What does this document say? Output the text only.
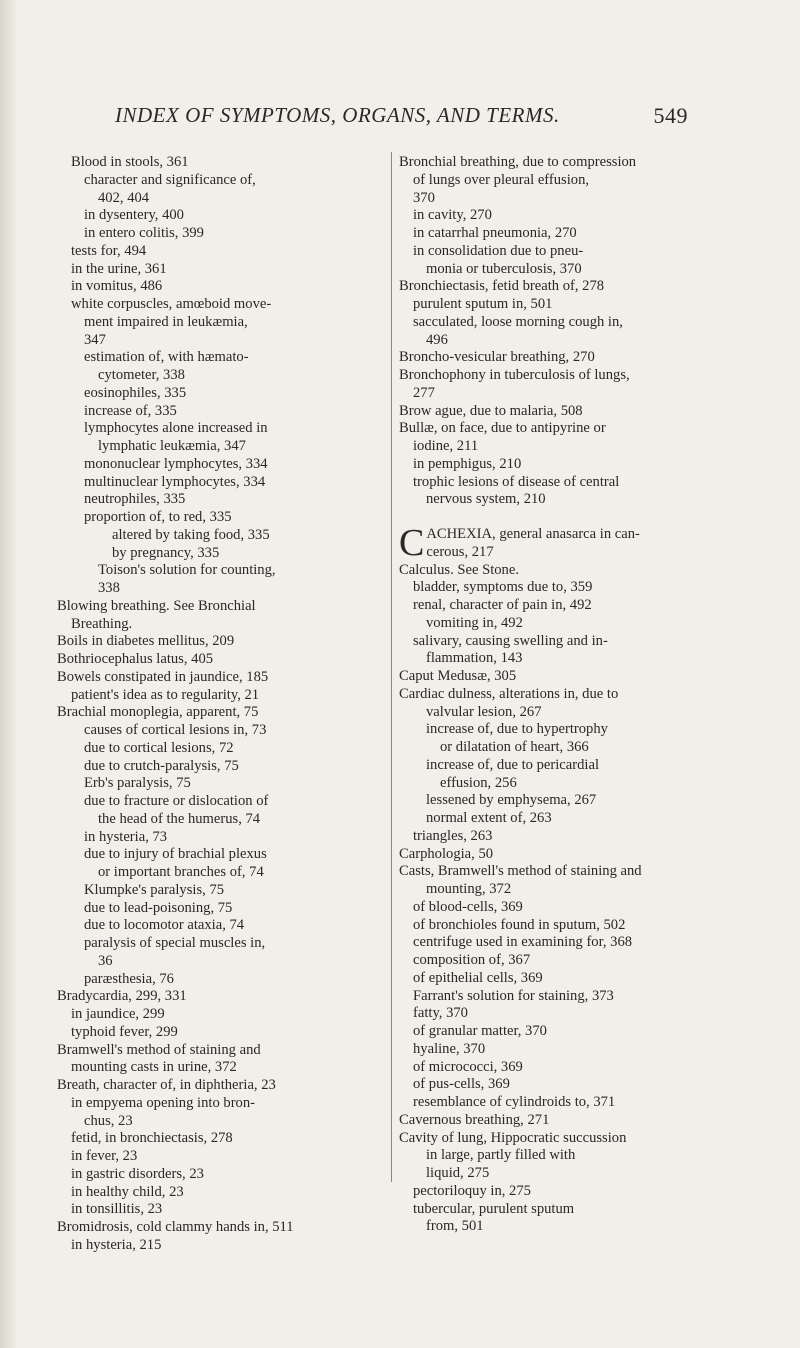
INDEX OF SYMPTOMS, ORGANS, AND TERMS.	549
Blood in stools, 361
character and significance of,
402, 404
in dysentery, 400
in entero colitis, 399
tests for, 494
in the urine, 361
in vomitus, 486
white corpuscles, amœboid move-
ment impaired in leukæmia,
347
estimation of, with hæmato-
cytometer, 338
eosinophiles, 335
increase of, 335
lymphocytes alone increased in
lymphatic leukæmia, 347
mononuclear lymphocytes, 334
multinuclear lymphocytes, 334
neutrophiles, 335
proportion of, to red, 335
altered by taking food, 335
by pregnancy, 335
Toison's solution for counting,
338
Blowing breathing. See Bronchial
Breathing.
Boils in diabetes mellitus, 209
Bothriocephalus latus, 405
Bowels constipated in jaundice, 185
patient's idea as to regularity, 21
Brachial monoplegia, apparent, 75
causes of cortical lesions in, 73
due to cortical lesions, 72
due to crutch-paralysis, 75
Erb's paralysis, 75
due to fracture or dislocation of
the head of the humerus, 74
in hysteria, 73
due to injury of brachial plexus
or important branches of, 74
Klumpke's paralysis, 75
due to lead-poisoning, 75
due to locomotor ataxia, 74
paralysis of special muscles in,
36
paræsthesia, 76
Bradycardia, 299, 331
in jaundice, 299
typhoid fever, 299
Bramwell's method of staining and
mounting casts in urine, 372
Breath, character of, in diphtheria, 23
in empyema opening into bron-
chus, 23
fetid, in bronchiectasis, 278
in fever, 23
in gastric disorders, 23
in healthy child, 23
in tonsillitis, 23
Bromidrosis, cold clammy hands in, 511
in hysteria, 215
Bronchial breathing, due to compression
of lungs over pleural effusion,
370
in cavity, 270
in catarrhal pneumonia, 270
in consolidation due to pneu-
monia or tuberculosis, 370
Bronchiectasis, fetid breath of, 278
purulent sputum in, 501
sacculated, loose morning cough in,
496
Broncho-vesicular breathing, 270
Bronchophony in tuberculosis of lungs,
277
Brow ague, due to malaria, 508
Bullæ, on face, due to antipyrine or
iodine, 211
in pemphigus, 210
trophic lesions of disease of central
nervous system, 210
C ACHEXIA, general anasarca in can-
cerous, 217
Calculus. See Stone.
bladder, symptoms due to, 359
renal, character of pain in, 492
vomiting in, 492
salivary, causing swelling and in-
flammation, 143
Caput Medusæ, 305
Cardiac dulness, alterations in, due to
valvular lesion, 267
increase of, due to hypertrophy
or dilatation of heart, 366
increase of, due to pericardial
effusion, 256
lessened by emphysema, 267
normal extent of, 263
triangles, 263
Carphologia, 50
Casts, Bramwell's method of staining and
mounting, 372
of blood-cells, 369
of bronchioles found in sputum, 502
centrifuge used in examining for, 368
composition of, 367
of epithelial cells, 369
Farrant's solution for staining, 373
fatty, 370
of granular matter, 370
hyaline, 370
of micrococci, 369
of pus-cells, 369
resemblance of cylindroids to, 371
Cavernous breathing, 271
Cavity of lung, Hippocratic succussion
in large, partly filled with
liquid, 275
pectoriloquy in, 275
tubercular, purulent sputum
from, 501
